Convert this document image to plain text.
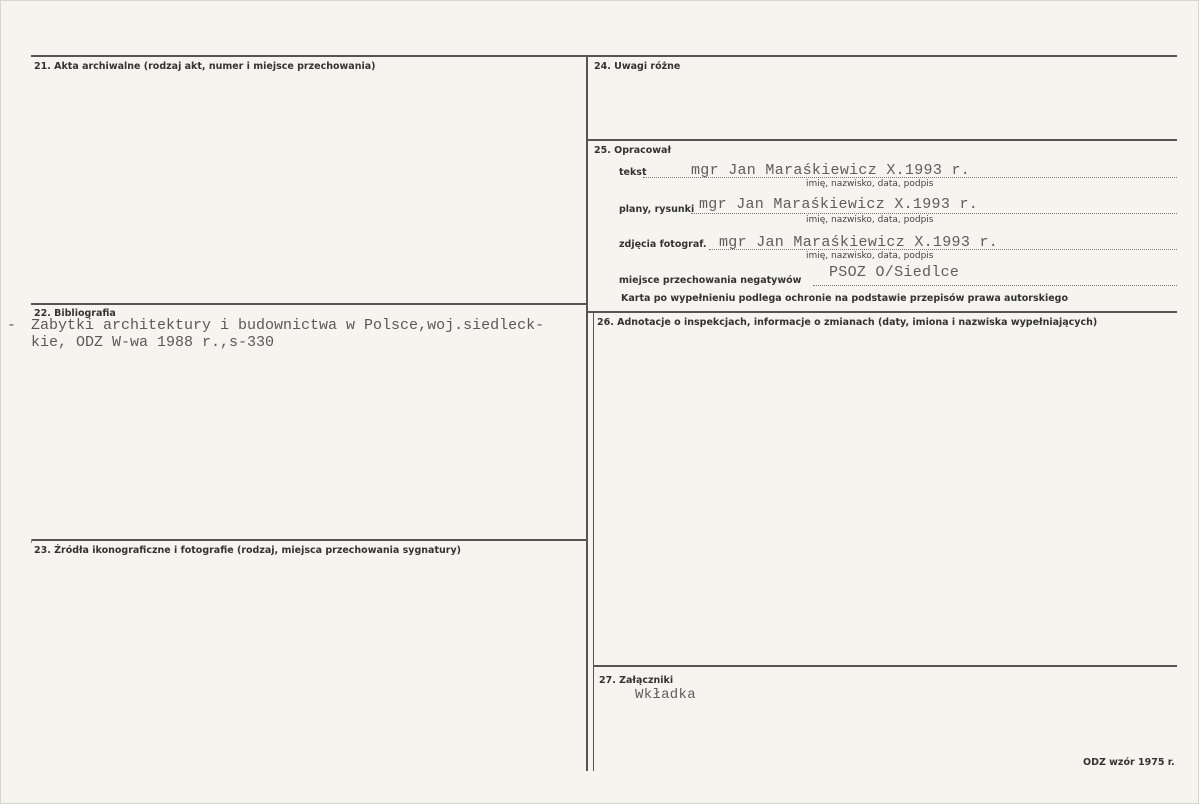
21. Akta archiwalne (rodzaj akt, numer i miejsce przechowania)
22. Bibliografia
- Zabytki architektury i budownictwa w Polsce,woj.siedleck-
kie, ODZ W-wa 1988 r.,s-330
23. Źródła ikonograficzne i fotografie (rodzaj, miejsca przechowania sygnatury)
24. Uwagi różne
25. Opracował
tekst	mgr Jan Maraśkiewicz X.1993 r.
imię, nazwisko, data, podpis
plany, rysunki mgr Jan Maraśkiewicz X.1993 r.
imię, nazwisko, data, podpis
zdjęcia fotograf. mgr Jan Maraśkiewicz X.1993 r.
imię, nazwisko, data, podpis
miejsce przechowania negatywów PSOZ O/Siedlce
Karta po wypełnieniu podlega ochronie na podstawie przepisów prawa autorskiego
26. Adnotacje o inspekcjach, informacje o zmianach (daty, imiona i nazwiska wypełniających)
27. Załączniki
Wkładka
ODZ wzór 1975 r.
